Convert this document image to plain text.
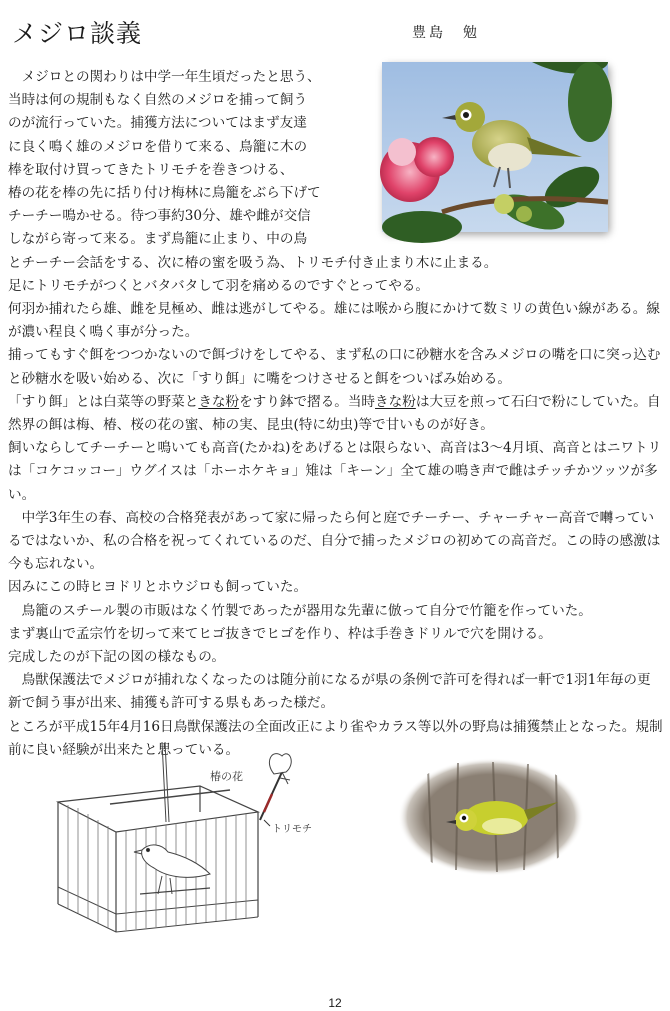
メジロ談義	豊島　勉
メジロとの関わりは中学一年生頃だったと思う、
当時は何の規制もなく自然のメジロを捕って飼う
のが流行っていた。捕獲方法についてはまず友達
に良く鳴く雄のメジロを借りて来る、鳥籠に木の
棒を取付け買ってきたトリモチを巻きつける、
椿の花を棒の先に括り付け梅林に鳥籠をぶら下げて
チーチー鳴かせる。待つ事約30分、雄や雌が交信
しながら寄って来る。まず鳥籠に止まり、中の鳥

とチーチー会話をする、次に椿の蜜を吸う為、トリモチ付き止まり木に止まる。

足にトリモチがつくとバタバタして羽を痛めるのですぐとってやる。

何羽か捕れたら雄、雌を見極め、雌は逃がしてやる。雄には喉から腹にかけて数ミリの黄色い線がある。線が濃い程良く鳴く事が分った。

捕ってもすぐ餌をつつかないので餌づけをしてやる、まず私の口に砂糖水を含みメジロの嘴を口に突っ込むと砂糖水を吸い始める、次に「すり餌」に嘴をつけさせると餌をついばみ始める。

「すり餌」とは白菜等の野菜ときな粉をすり鉢で摺る。当時きな粉は大豆を煎って石臼で粉にしていた。自然界の餌は梅、椿、桜の花の蜜、柿の実、昆虫(特に幼虫)等で甘いものが好き。

飼いならしてチーチーと鳴いても高音(たかね)をあげるとは限らない、高音は3～4月頃、高音とはニワトリは「コケコッコー」ウグイスは「ホーホケキョ」雉は「キーン」全て雄の鳴き声で雌はチッチかツッツが多い。

中学3年生の春、高校の合格発表があって家に帰ったら何と庭でチーチー、チャーチャー高音で囀っているではないか、私の合格を祝ってくれているのだ、自分で捕ったメジロの初めての高音だ。この時の感激は今も忘れない。

因みにこの時ヒヨドリとホウジロも飼っていた。

鳥籠のスチール製の市販はなく竹製であったが器用な先輩に倣って自分で竹籠を作っていた。

まず裏山で孟宗竹を切って来てヒゴ抜きでヒゴを作り、枠は手巻きドリルで穴を開ける。

完成したのが下記の図の様なもの。

鳥獣保護法でメジロが捕れなくなったのは随分前になるが県の条例で許可を得れば一軒で1羽1年毎の更新で飼う事が出来、捕獲も許可する県もあった様だ。

ところが平成15年4月16日鳥獣保護法の全面改正により雀やカラス等以外の野鳥は捕獲禁止となった。規制前に良い経験が出来たと思っている。

椿の花
トリモチ
12
